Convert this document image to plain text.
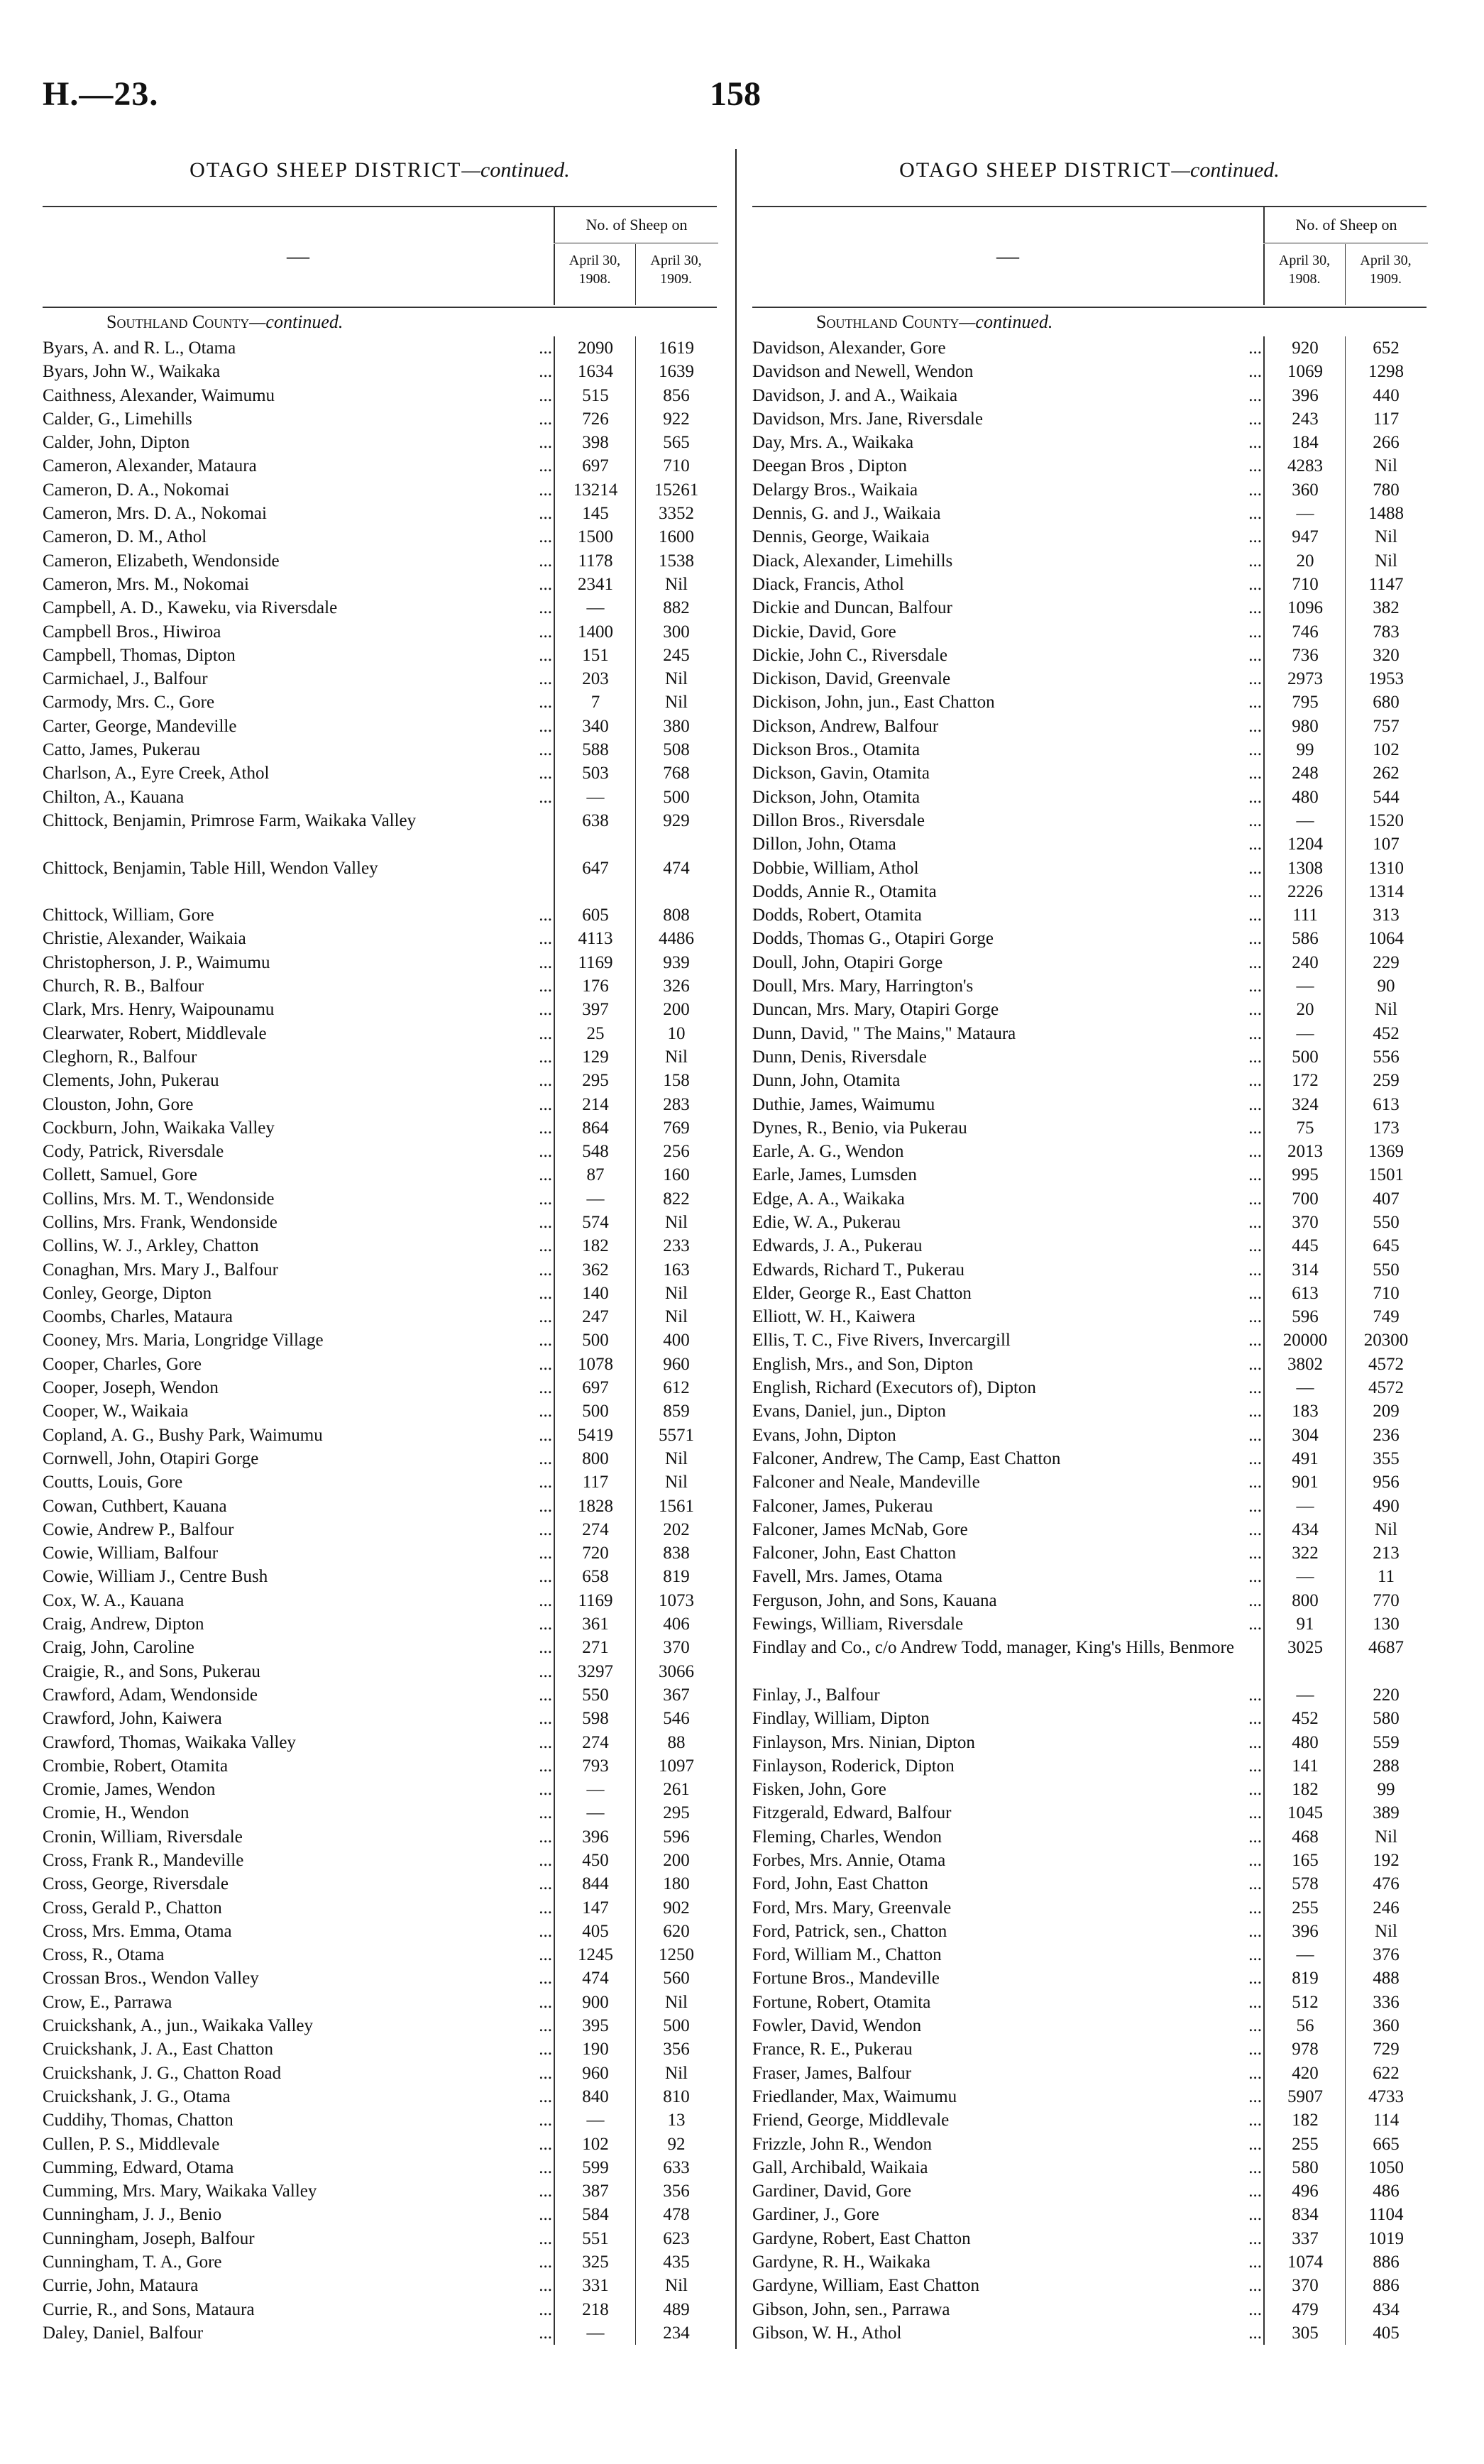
H.—23.	158
OTAGO SHEEP DISTRICT—continued.
—
No. of Sheep on
April 30, 1908.
April 30, 1909.
Southland County—continued.
Byars, A. and R. L., Otama ...	2090	1619
Byars, John W., Waikaka ...	1634	1639
Caithness, Alexander, Waimumu ...	515	856
Calder, G., Limehills ...	726	922
Calder, John, Dipton ...	398	565
Cameron, Alexander, Mataura ...	697	710
Cameron, D. A., Nokomai ...	13214	15261
Cameron, Mrs. D. A., Nokomai ...	145	3352
Cameron, D. M., Athol ...	1500	1600
Cameron, Elizabeth, Wendonside ...	1178	1538
Cameron, Mrs. M., Nokomai ...	2341	Nil
Campbell, A. D., Kaweku, via Riversdale ...	—	882
Campbell Bros., Hiwiroa ...	1400	300
Campbell, Thomas, Dipton ...	151	245
Carmichael, J., Balfour ...	203	Nil
Carmody, Mrs. C., Gore ...	7	Nil
Carter, George, Mandeville ...	340	380
Catto, James, Pukerau ...	588	508
Charlson, A., Eyre Creek, Athol ...	503	768
Chilton, A., Kauana ...	—	500
Chittock, Benjamin, Primrose Farm, Waikaka Valley	638	929
Chittock, Benjamin, Table Hill, Wendon Valley	647	474
Chittock, William, Gore ...	605	808
Christie, Alexander, Waikaia ...	4113	4486
Christopherson, J. P., Waimumu ...	1169	939
Church, R. B., Balfour ...	176	326
Clark, Mrs. Henry, Waipounamu ...	397	200
Clearwater, Robert, Middlevale ...	25	10
Cleghorn, R., Balfour ...	129	Nil
Clements, John, Pukerau ...	295	158
Clouston, John, Gore ...	214	283
Cockburn, John, Waikaka Valley ...	864	769
Cody, Patrick, Riversdale ...	548	256
Collett, Samuel, Gore ...	87	160
Collins, Mrs. M. T., Wendonside ...	—	822
Collins, Mrs. Frank, Wendonside ...	574	Nil
Collins, W. J., Arkley, Chatton ...	182	233
Conaghan, Mrs. Mary J., Balfour ...	362	163
Conley, George, Dipton ...	140	Nil
Coombs, Charles, Mataura ...	247	Nil
Cooney, Mrs. Maria, Longridge Village ...	500	400
Cooper, Charles, Gore ...	1078	960
Cooper, Joseph, Wendon ...	697	612
Cooper, W., Waikaia ...	500	859
Copland, A. G., Bushy Park, Waimumu ...	5419	5571
Cornwell, John, Otapiri Gorge ...	800	Nil
Coutts, Louis, Gore ...	117	Nil
Cowan, Cuthbert, Kauana ...	1828	1561
Cowie, Andrew P., Balfour ...	274	202
Cowie, William, Balfour ...	720	838
Cowie, William J., Centre Bush ...	658	819
Cox, W. A., Kauana ...	1169	1073
Craig, Andrew, Dipton ...	361	406
Craig, John, Caroline ...	271	370
Craigie, R., and Sons, Pukerau ...	3297	3066
Crawford, Adam, Wendonside ...	550	367
Crawford, John, Kaiwera ...	598	546
Crawford, Thomas, Waikaka Valley ...	274	88
Crombie, Robert, Otamita ...	793	1097
Cromie, James, Wendon ...	—	261
Cromie, H., Wendon ...	—	295
Cronin, William, Riversdale ...	396	596
Cross, Frank R., Mandeville ...	450	200
Cross, George, Riversdale ...	844	180
Cross, Gerald P., Chatton ...	147	902
Cross, Mrs. Emma, Otama ...	405	620
Cross, R., Otama ...	1245	1250
Crossan Bros., Wendon Valley ...	474	560
Crow, E., Parrawa ...	900	Nil
Cruickshank, A., jun., Waikaka Valley ...	395	500
Cruickshank, J. A., East Chatton ...	190	356
Cruickshank, J. G., Chatton Road ...	960	Nil
Cruickshank, J. G., Otama ...	840	810
Cuddihy, Thomas, Chatton ...	—	13
Cullen, P. S., Middlevale ...	102	92
Cumming, Edward, Otama ...	599	633
Cumming, Mrs. Mary, Waikaka Valley ...	387	356
Cunningham, J. J., Benio ...	584	478
Cunningham, Joseph, Balfour ...	551	623
Cunningham, T. A., Gore ...	325	435
Currie, John, Mataura ...	331	Nil
Currie, R., and Sons, Mataura ...	218	489
Daley, Daniel, Balfour ...	—	234
OTAGO SHEEP DISTRICT—continued.
—
No. of Sheep on
April 30, 1908.
April 30, 1909.
Southland County—continued.
Davidson, Alexander, Gore ...	920	652
Davidson and Newell, Wendon ...	1069	1298
Davidson, J. and A., Waikaia ...	396	440
Davidson, Mrs. Jane, Riversdale ...	243	117
Day, Mrs. A., Waikaka ...	184	266
Deegan Bros , Dipton ...	4283	Nil
Delargy Bros., Waikaia ...	360	780
Dennis, G. and J., Waikaia ...	—	1488
Dennis, George, Waikaia ...	947	Nil
Diack, Alexander, Limehills ...	20	Nil
Diack, Francis, Athol ...	710	1147
Dickie and Duncan, Balfour ...	1096	382
Dickie, David, Gore ...	746	783
Dickie, John C., Riversdale ...	736	320
Dickison, David, Greenvale ...	2973	1953
Dickison, John, jun., East Chatton ...	795	680
Dickson, Andrew, Balfour ...	980	757
Dickson Bros., Otamita ...	99	102
Dickson, Gavin, Otamita ...	248	262
Dickson, John, Otamita ...	480	544
Dillon Bros., Riversdale ...	—	1520
Dillon, John, Otama ...	1204	107
Dobbie, William, Athol ...	1308	1310
Dodds, Annie R., Otamita ...	2226	1314
Dodds, Robert, Otamita ...	111	313
Dodds, Thomas G., Otapiri Gorge ...	586	1064
Doull, John, Otapiri Gorge ...	240	229
Doull, Mrs. Mary, Harrington's ...	—	90
Duncan, Mrs. Mary, Otapiri Gorge ...	20	Nil
Dunn, David, " The Mains," Mataura ...	—	452
Dunn, Denis, Riversdale ...	500	556
Dunn, John, Otamita ...	172	259
Duthie, James, Waimumu ...	324	613
Dynes, R., Benio, via Pukerau ...	75	173
Earle, A. G., Wendon ...	2013	1369
Earle, James, Lumsden ...	995	1501
Edge, A. A., Waikaka ...	700	407
Edie, W. A., Pukerau ...	370	550
Edwards, J. A., Pukerau ...	445	645
Edwards, Richard T., Pukerau ...	314	550
Elder, George R., East Chatton ...	613	710
Elliott, W. H., Kaiwera ...	596	749
Ellis, T. C., Five Rivers, Invercargill ...	20000	20300
English, Mrs., and Son, Dipton ...	3802	4572
English, Richard (Executors of), Dipton ...	—	4572
Evans, Daniel, jun., Dipton ...	183	209
Evans, John, Dipton ...	304	236
Falconer, Andrew, The Camp, East Chatton ...	491	355
Falconer and Neale, Mandeville ...	901	956
Falconer, James, Pukerau ...	—	490
Falconer, James McNab, Gore ...	434	Nil
Falconer, John, East Chatton ...	322	213
Favell, Mrs. James, Otama ...	—	11
Ferguson, John, and Sons, Kauana ...	800	770
Fewings, William, Riversdale ...	91	130
Findlay and Co., c/o Andrew Todd, manager, King's Hills, Benmore	3025	4687
Finlay, J., Balfour ...	—	220
Findlay, William, Dipton ...	452	580
Finlayson, Mrs. Ninian, Dipton ...	480	559
Finlayson, Roderick, Dipton ...	141	288
Fisken, John, Gore ...	182	99
Fitzgerald, Edward, Balfour ...	1045	389
Fleming, Charles, Wendon ...	468	Nil
Forbes, Mrs. Annie, Otama ...	165	192
Ford, John, East Chatton ...	578	476
Ford, Mrs. Mary, Greenvale ...	255	246
Ford, Patrick, sen., Chatton ...	396	Nil
Ford, William M., Chatton ...	—	376
Fortune Bros., Mandeville ...	819	488
Fortune, Robert, Otamita ...	512	336
Fowler, David, Wendon ...	56	360
France, R. E., Pukerau ...	978	729
Fraser, James, Balfour ...	420	622
Friedlander, Max, Waimumu ...	5907	4733
Friend, George, Middlevale ...	182	114
Frizzle, John R., Wendon ...	255	665
Gall, Archibald, Waikaia ...	580	1050
Gardiner, David, Gore ...	496	486
Gardiner, J., Gore ...	834	1104
Gardyne, Robert, East Chatton ...	337	1019
Gardyne, R. H., Waikaka ...	1074	886
Gardyne, William, East Chatton ...	370	886
Gibson, John, sen., Parrawa ...	479	434
Gibson, W. H., Athol ...	305	405
